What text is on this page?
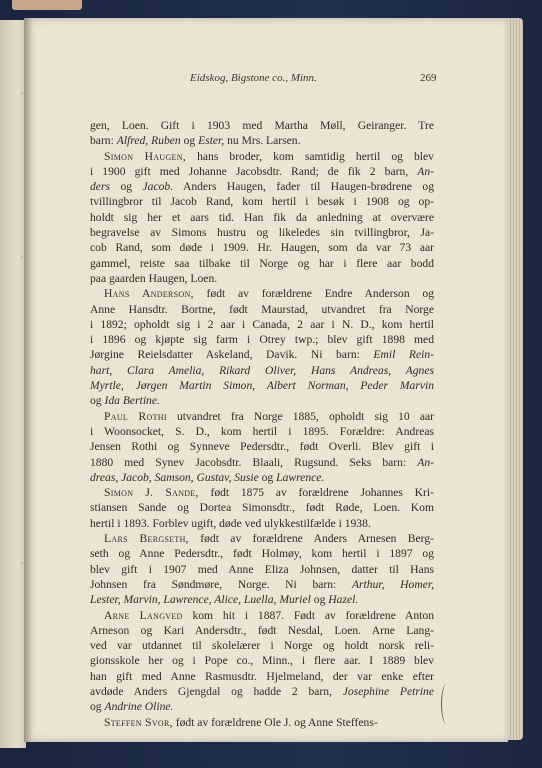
·
·
·
Eidskog, Bigstone co., Minn.	269
gen, Loen. Gift i 1903 med Martha Møll, Geiranger. Tre
barn: Alfred, Ruben og Ester, nu Mrs. Larsen.
Simon Haugen, hans broder, kom samtidig hertil og blev
i 1900 gift med Johanne Jacobsdtr. Rand; de fik 2 barn, An-
ders og Jacob. Anders Haugen, fader til Haugen-brødrene og
tvillingbror til Jacob Rand, kom hertil i besøk i 1908 og op-
holdt sig her et aars tid. Han fik da anledning at overvære
begravelse av Simons hustru og likeledes sin tvillingbror, Ja-
cob Rand, som døde i 1909. Hr. Haugen, som da var 73 aar
gammel, reiste saa tilbake til Norge og har i flere aar bodd
paa gaarden Haugen, Loen.
Hans Anderson, født av forældrene Endre Anderson og
Anne Hansdtr. Bortne, født Maurstad, utvandret fra Norge
i 1892; opholdt sig i 2 aar i Canada, 2 aar i N. D., kom hertil
i 1896 og kjøpte sig farm i Otrey twp.; blev gift 1898 med
Jørgine Reielsdatter Askeland, Davik. Ni barn: Emil Rein-
hart, Clara Amelia, Rikard Oliver, Hans Andreas, Agnes
Myrtle, Jørgen Martin Simon, Albert Norman, Peder Marvin
og Ida Bertine.
Paul Rothi utvandret fra Norge 1885, opholdt sig 10 aar
i Woonsocket, S. D., kom hertil i 1895. Forældre: Andreas
Jensen Rothi og Synneve Pedersdtr., født Overli. Blev gift i
1880 med Synev Jacobsdtr. Blaali, Rugsund. Seks barn: An-
dreas, Jacob, Samson, Gustav, Susie og Lawrence.
Simon J. Sande, født 1875 av forældrene Johannes Kri-
stiansen Sande og Dortea Simonsdtr., født Røde, Loen. Kom
hertil i 1893. Forblev ugift, døde ved ulykkestilfælde i 1938.
Lars Bergseth, født av forældrene Anders Arnesen Berg-
seth og Anne Pedersdtr., født Holmøy, kom hertil i 1897 og
blev gift i 1907 med Anne Eliza Johnsen, datter til Hans
Johnsen fra Søndmøre, Norge. Ni barn: Arthur, Homer,
Lester, Marvin, Lawrence, Alice, Luella, Muriel og Hazel.
Arne Langved kom hit i 1887. Født av forældrene Anton
Arneson og Kari Andersdtr., født Nesdal, Loen. Arne Lang-
ved var utdannet til skolelærer i Norge og holdt norsk reli-
gionsskole her og i Pope co., Minn., i flere aar. I 1889 blev
han gift med Anne Rasmusdtr. Hjelmeland, der var enke efter
avdøde Anders Gjengdal og hadde 2 barn, Josephine Petrine
og Andrine Oline.
Steffen Svor, født av forældrene Ole J. og Anne Steffens-
